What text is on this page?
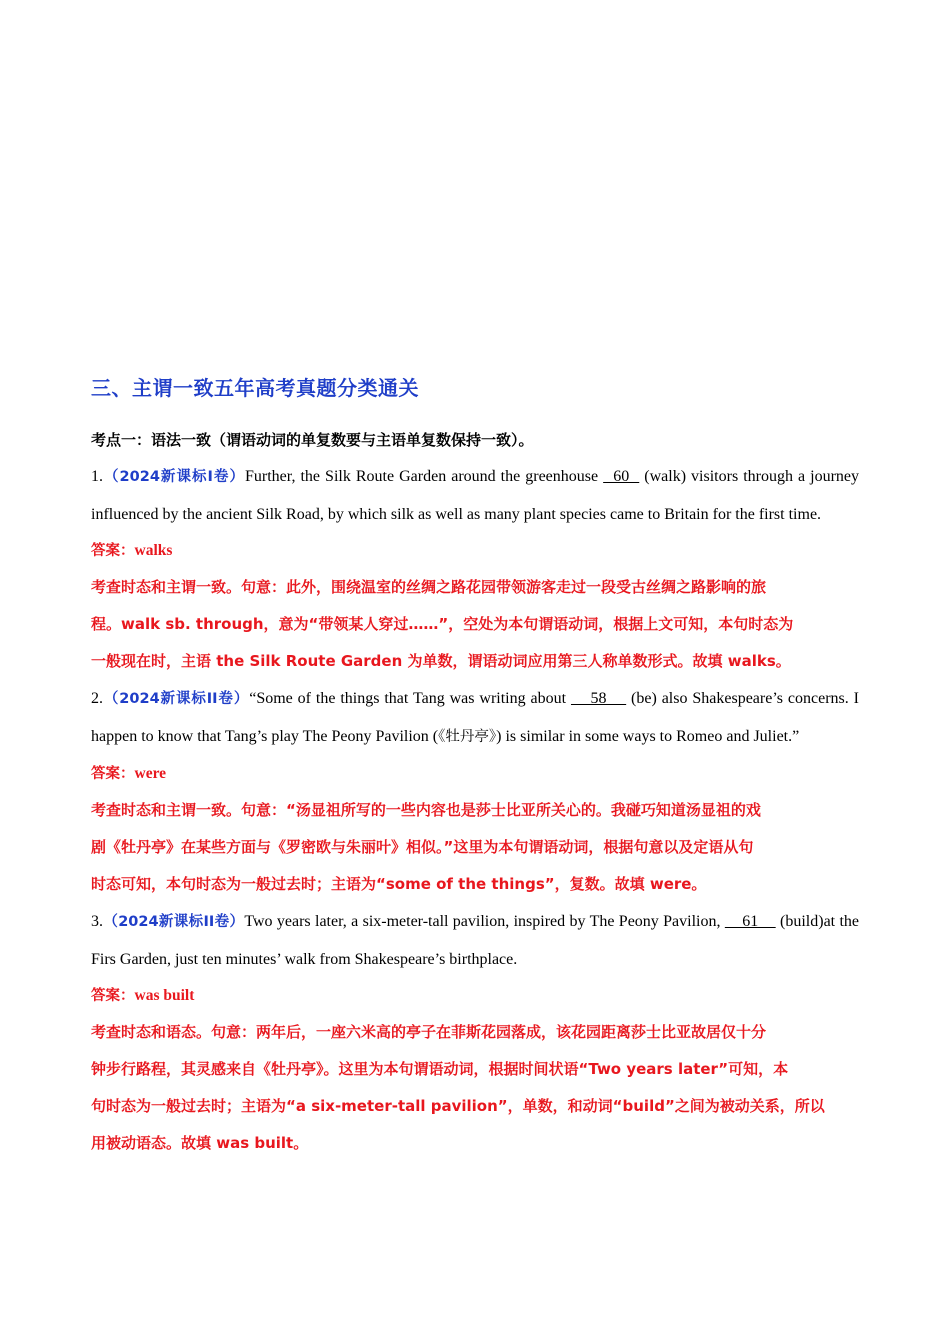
三、主谓一致五年高考真题分类通关

考点一：语法一致（谓语动词的单复数要与主语单复数保持一致）。

1.（2024新课标I卷）Further, the Silk Route Garden around the greenhouse   60   (walk) visitors through a journey influenced by the ancient Silk Road, by which silk as well as many plant species came to Britain for the first time.

答案：walks

考查时态和主谓一致。句意：此外，围绕温室的丝绸之路花园带领游客走过一段受古丝绸之路影响的旅
程。walk sb. through，意为“带领某人穿过……”，空处为本句谓语动词，根据上文可知，本句时态为
一般现在时，主语 the Silk Route Garden 为单数，谓语动词应用第三人称单数形式。故填 walks。

2.（2024新课标II卷）“Some of the things that Tang was writing about     58     (be) also Shakespeare’s concerns. I happen to know that Tang’s play The Peony Pavilion (《牡丹亭》) is similar in some ways to Romeo and Juliet.”

答案：were

考查时态和主谓一致。句意：“汤显祖所写的一些内容也是莎士比亚所关心的。我碰巧知道汤显祖的戏
剧《牡丹亭》在某些方面与《罗密欧与朱丽叶》相似。”这里为本句谓语动词，根据句意以及定语从句
时态可知，本句时态为一般过去时；主语为“some of the things”，复数。故填 were。

3.（2024新课标II卷）Two years later, a six-meter-tall pavilion, inspired by The Peony Pavilion,     61     (build)at the Firs Garden, just ten minutes’ walk from Shakespeare’s birthplace.

答案：was built

考查时态和语态。句意：两年后，一座六米高的亭子在菲斯花园落成，该花园距离莎士比亚故居仅十分
钟步行路程，其灵感来自《牡丹亭》。这里为本句谓语动词，根据时间状语“Two years later”可知，本
句时态为一般过去时；主语为“a six-meter-tall pavilion”，单数，和动词“build”之间为被动关系，所以
用被动语态。故填 was built。
